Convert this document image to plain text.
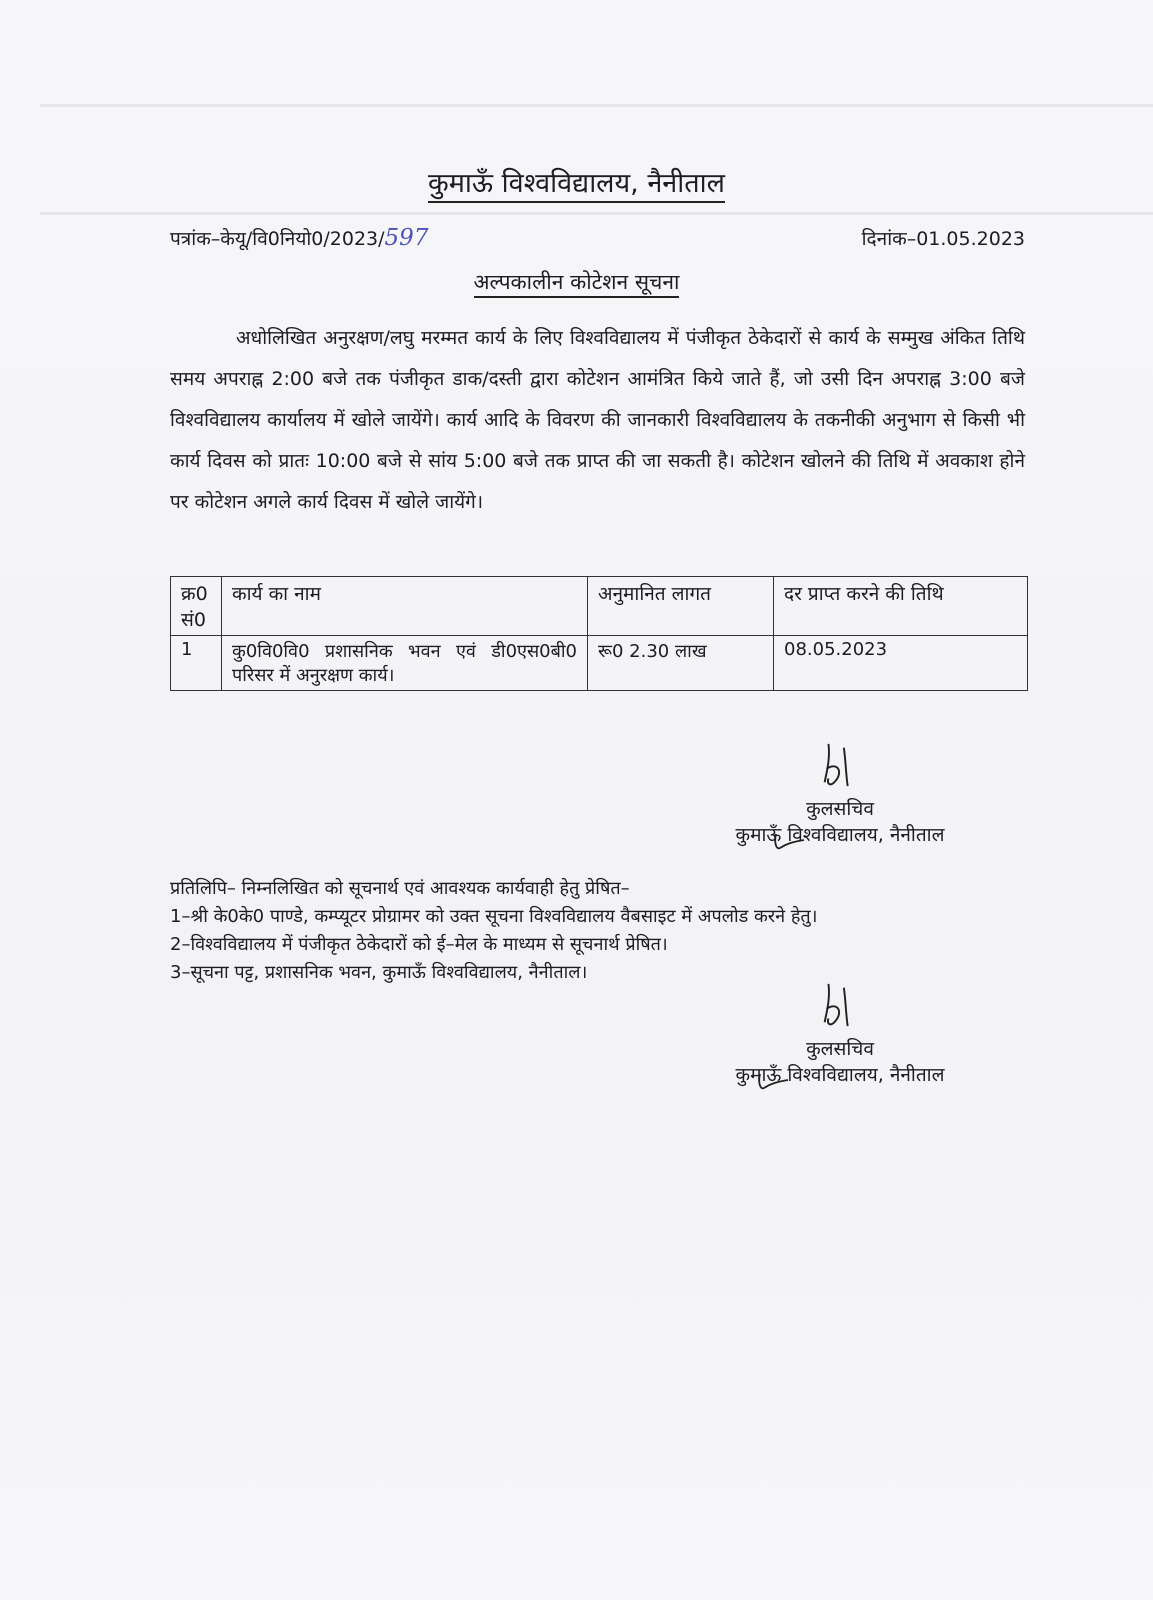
कुमाऊँ विश्वविद्यालय, नैनीताल
पत्रांक–केयू/वि0नियो0/2023/597	दिनांक–01.05.2023
अल्पकालीन कोटेशन सूचना
अधोलिखित अनुरक्षण/लघु मरम्मत कार्य के लिए विश्वविद्यालय में पंजीकृत ठेकेदारों से कार्य के सम्मुख अंकित तिथि समय अपराह्न 2:00 बजे तक पंजीकृत डाक/दस्ती द्वारा कोटेशन आमंत्रित किये जाते हैं, जो उसी दिन अपराह्न 3:00 बजे विश्वविद्यालय कार्यालय में खोले जायेंगे। कार्य आदि के विवरण की जानकारी विश्वविद्यालय के तकनीकी अनुभाग से किसी भी कार्य दिवस को प्रातः 10:00 बजे से सांय 5:00 बजे तक प्राप्त की जा सकती है। कोटेशन खोलने की तिथि में अवकाश होने पर कोटेशन अगले कार्य दिवस में खोले जायेंगे।
क्र0 सं0	कार्य का नाम	अनुमानित लागत	दर प्राप्त करने की तिथि
1	कु0वि0वि0 प्रशासनिक भवन एवं डी0एस0बी0 परिसर में अनुरक्षण कार्य।	रू0 2.30 लाख	08.05.2023
कुलसचिव
कुमाऊँ विश्वविद्यालय, नैनीताल
प्रतिलिपि– निम्नलिखित को सूचनार्थ एवं आवश्यक कार्यवाही हेतु प्रेषित–
1–श्री के0के0 पाण्डे, कम्प्यूटर प्रोग्रामर को उक्त सूचना विश्वविद्यालय वैबसाइट में अपलोड करने हेतु।
2–विश्वविद्यालय में पंजीकृत ठेकेदारों को ई–मेल के माध्यम से सूचनार्थ प्रेषित।
3–सूचना पट्ट, प्रशासनिक भवन, कुमाऊँ विश्वविद्यालय, नैनीताल।
कुलसचिव
कुमाऊँ विश्वविद्यालय, नैनीताल
